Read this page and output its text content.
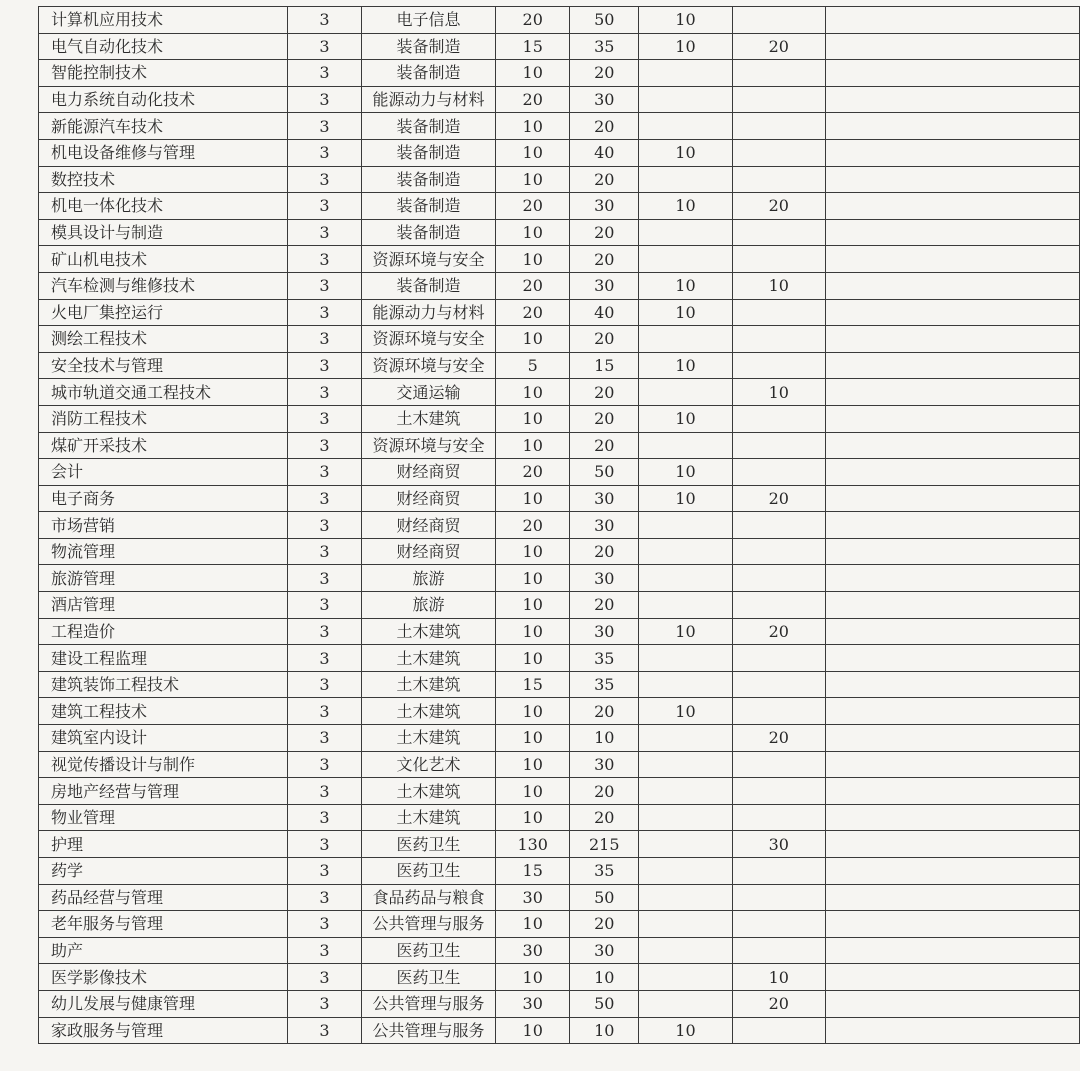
计算机应用技术	3	电子信息	20	50	10		
电气自动化技术	3	装备制造	15	35	10	20	
智能控制技术	3	装备制造	10	20			
电力系统自动化技术	3	能源动力与材料	20	30			
新能源汽车技术	3	装备制造	10	20			
机电设备维修与管理	3	装备制造	10	40	10		
数控技术	3	装备制造	10	20			
机电一体化技术	3	装备制造	20	30	10	20	
模具设计与制造	3	装备制造	10	20			
矿山机电技术	3	资源环境与安全	10	20			
汽车检测与维修技术	3	装备制造	20	30	10	10	
火电厂集控运行	3	能源动力与材料	20	40	10		
测绘工程技术	3	资源环境与安全	10	20			
安全技术与管理	3	资源环境与安全	5	15	10		
城市轨道交通工程技术	3	交通运输	10	20		10	
消防工程技术	3	土木建筑	10	20	10		
煤矿开采技术	3	资源环境与安全	10	20			
会计	3	财经商贸	20	50	10		
电子商务	3	财经商贸	10	30	10	20	
市场营销	3	财经商贸	20	30			
物流管理	3	财经商贸	10	20			
旅游管理	3	旅游	10	30			
酒店管理	3	旅游	10	20			
工程造价	3	土木建筑	10	30	10	20	
建设工程监理	3	土木建筑	10	35			
建筑装饰工程技术	3	土木建筑	15	35			
建筑工程技术	3	土木建筑	10	20	10		
建筑室内设计	3	土木建筑	10	10		20	
视觉传播设计与制作	3	文化艺术	10	30			
房地产经营与管理	3	土木建筑	10	20			
物业管理	3	土木建筑	10	20			
护理	3	医药卫生	130	215		30	
药学	3	医药卫生	15	35			
药品经营与管理	3	食品药品与粮食	30	50			
老年服务与管理	3	公共管理与服务	10	20			
助产	3	医药卫生	30	30			
医学影像技术	3	医药卫生	10	10		10	
幼儿发展与健康管理	3	公共管理与服务	30	50		20	
家政服务与管理	3	公共管理与服务	10	10	10		
